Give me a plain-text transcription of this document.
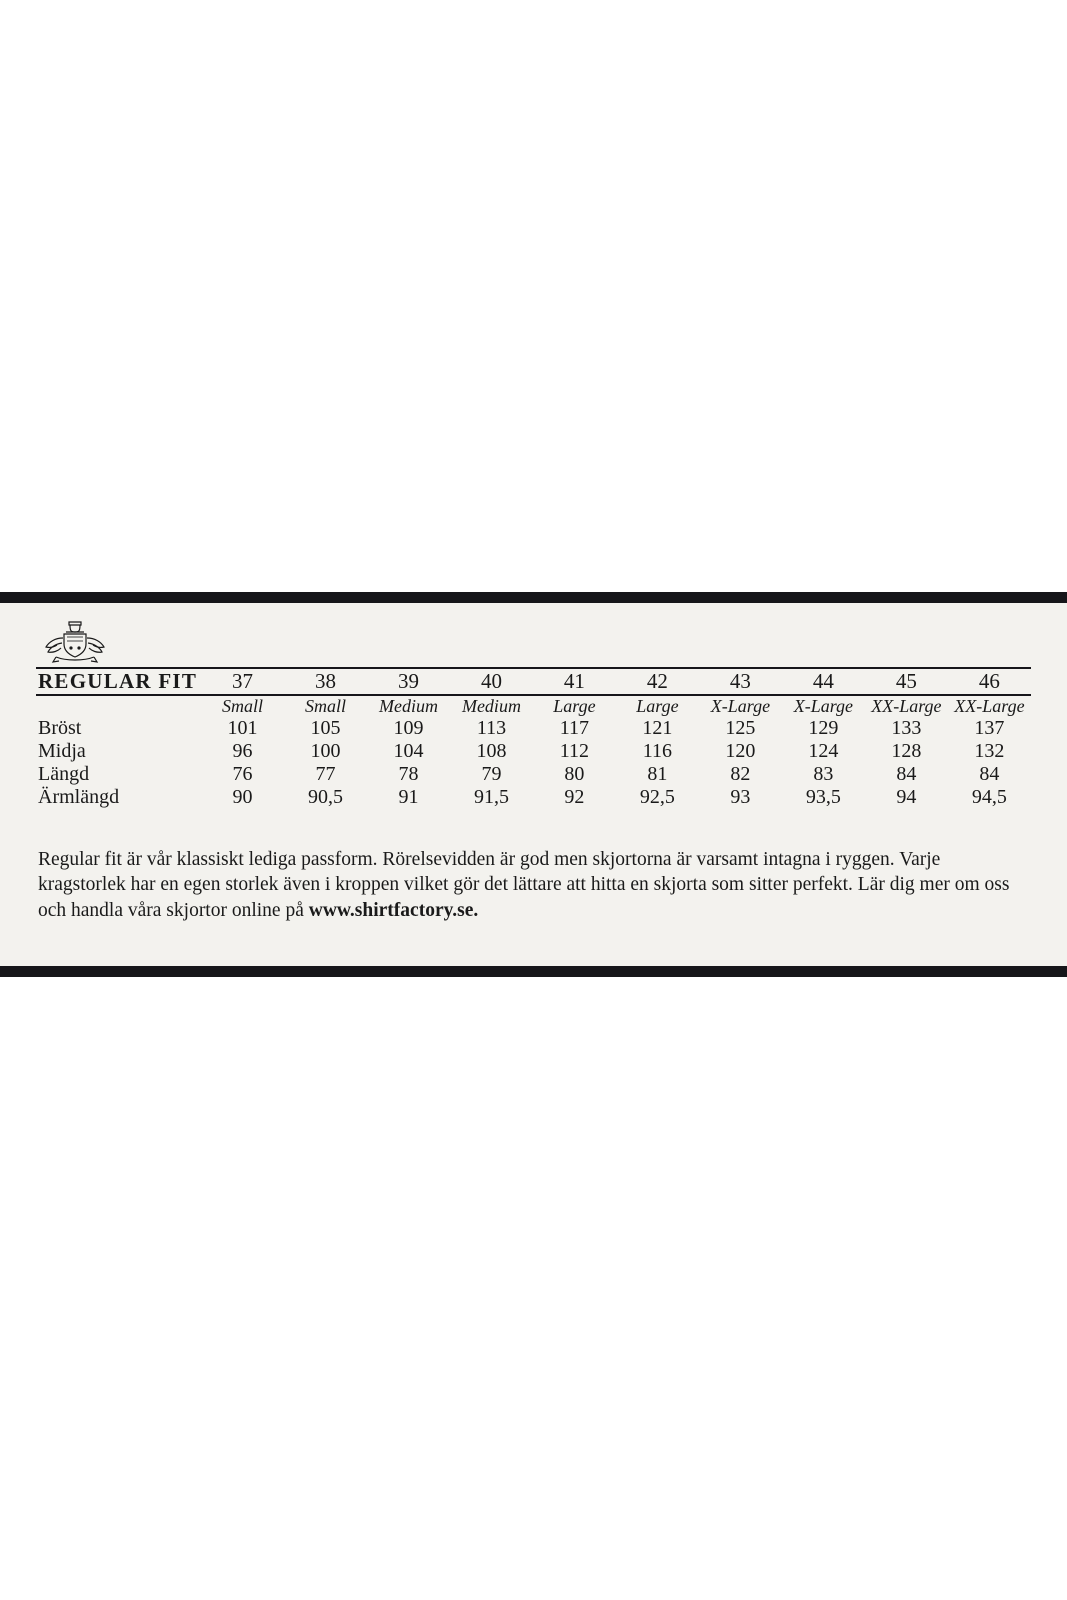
REGULAR FIT	37	38	39	40	41	42	43	44	45	46
	Small	Small	Medium	Medium	Large	Large	X-Large	X-Large	XX-Large	XX-Large
Bröst	101	105	109	113	117	121	125	129	133	137
Midja	96	100	104	108	112	116	120	124	128	132
Längd	76	77	78	79	80	81	82	83	84	84
Ärmlängd	90	90,5	91	91,5	92	92,5	93	93,5	94	94,5

Regular fit är vår klassiskt lediga passform. Rörelsevidden är god men skjortorna är varsamt intagna i ryggen. Varje kragstorlek har en egen storlek även i kroppen vilket gör det lättare att hitta en skjorta som sitter perfekt. Lär dig mer om oss och handla våra skjortor online på www.shirtfactory.se.
